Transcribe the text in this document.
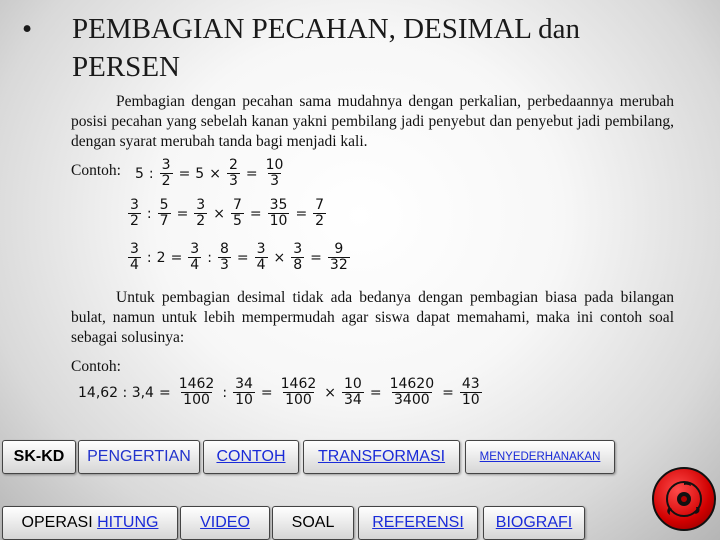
• PEMBAGIAN PECAHAN, DESIMAL dan
PERSEN
Pembagian dengan pecahan sama mudahnya dengan perkalian, perbedaannya merubah posisi pecahan yang sebelah kanan yakni pembilang jadi penyebut dan penyebut jadi pembilang, dengan syarat merubah tanda bagi menjadi kali.
Contoh: 5 : $\frac{3}{2} = 5 \times \frac{2}{3} = \frac{10}{3}$
$\frac{3}{2}$ : $\frac{5}{7} = \frac{3}{2} \times \frac{7}{5} = \frac{35}{10} = \frac{7}{2}$
$\frac{3}{4}$ : $2 = \frac{3}{4}$ : $\frac{8}{3} = \frac{3}{4} \times \frac{3}{8} = \frac{9}{32}$
Untuk pembagian desimal tidak ada bedanya dengan pembagian biasa pada bilangan bulat, namun untuk lebih mempermudah agar siswa dapat memahami, maka ini contoh soal sebagai solusinya:
Contoh:
14,62 : $3,4 = \frac{1462}{100}$ : $\frac{34}{10} = \frac{1462}{100} \times \frac{10}{34} = \frac{14620}{3400} = \frac{43}{10}$
SK-KD	PENGERTIAN	CONTOH	TRANSFORMASI	MENYEDERHANAKAN
OPERASI
HITUNG	VIDEO	SOAL	REFERENSI	BIOGRAFI
